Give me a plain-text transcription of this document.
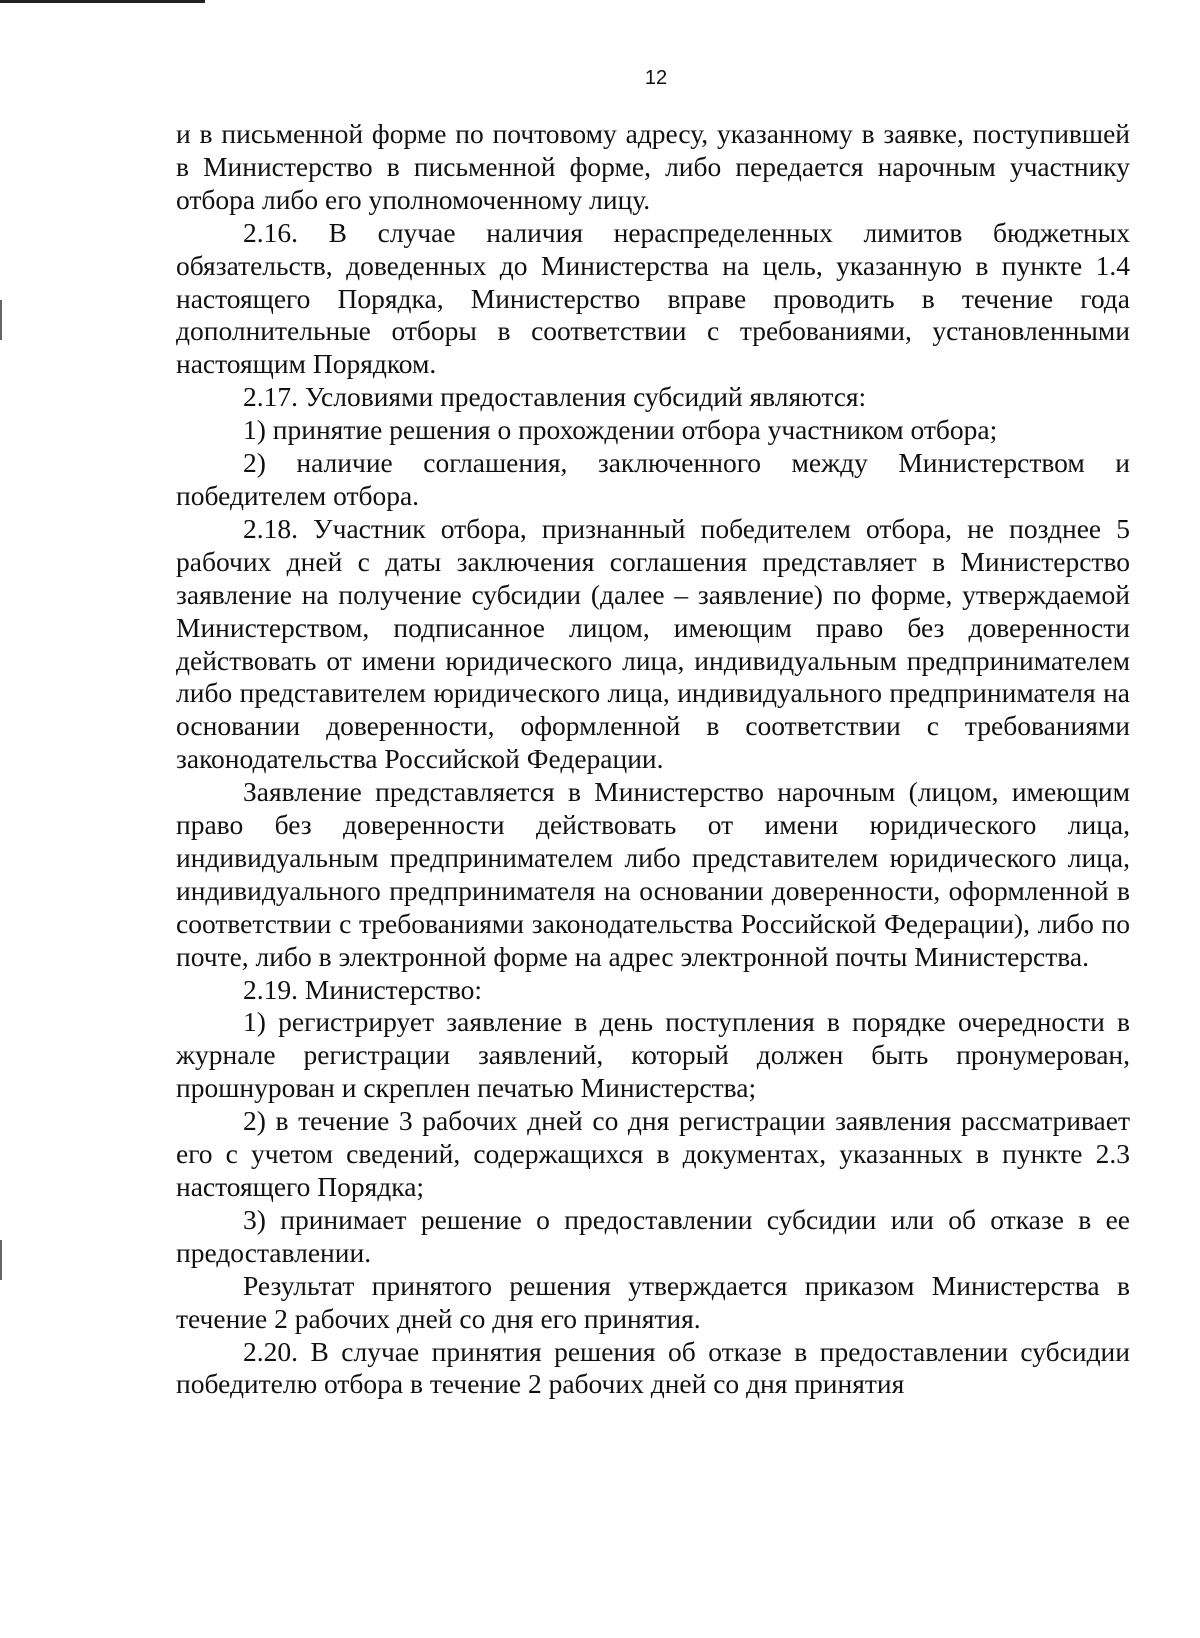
12

и в письменной форме по почтовому адресу, указанному в заявке, поступившей в Министерство в письменной форме, либо передается нарочным участнику отбора либо его уполномоченному лицу.

2.16. В случае наличия нераспределенных лимитов бюджетных обязательств, доведенных до Министерства на цель, указанную в пункте 1.4 настоящего Порядка, Министерство вправе проводить в течение года дополнительные отборы в соответствии с требованиями, установленными настоящим Порядком.

2.17. Условиями предоставления субсидий являются:

1) принятие решения о прохождении отбора участником отбора;

2) наличие соглашения, заключенного между Министерством и победителем отбора.

2.18. Участник отбора, признанный победителем отбора, не позднее 5 рабочих дней с даты заключения соглашения представляет в Министерство заявление на получение субсидии (далее – заявление) по форме, утверждаемой Министерством, подписанное лицом, имеющим право без доверенности действовать от имени юридического лица, индивидуальным предпринимателем либо представителем юридического лица, индивидуального предпринимателя на основании доверенности, оформленной в соответствии с требованиями законодательства Российской Федерации.

Заявление представляется в Министерство нарочным (лицом, имеющим право без доверенности действовать от имени юридического лица, индивидуальным предпринимателем либо представителем юридического лица, индивидуального предпринимателя на основании доверенности, оформленной в соответствии с требованиями законодательства Российской Федерации), либо по почте, либо в электронной форме на адрес электронной почты Министерства.

2.19. Министерство:

1) регистрирует заявление в день поступления в порядке очередности в журнале регистрации заявлений, который должен быть пронумерован, прошнурован и скреплен печатью Министерства;

2) в течение 3 рабочих дней со дня регистрации заявления рассматривает его с учетом сведений, содержащихся в документах, указанных в пункте 2.3 настоящего Порядка;

3) принимает решение о предоставлении субсидии или об отказе в ее предоставлении.

Результат принятого решения утверждается приказом Министерства в течение 2 рабочих дней со дня его принятия.

2.20. В случае принятия решения об отказе в предоставлении субсидии победителю отбора в течение 2 рабочих дней со дня принятия
